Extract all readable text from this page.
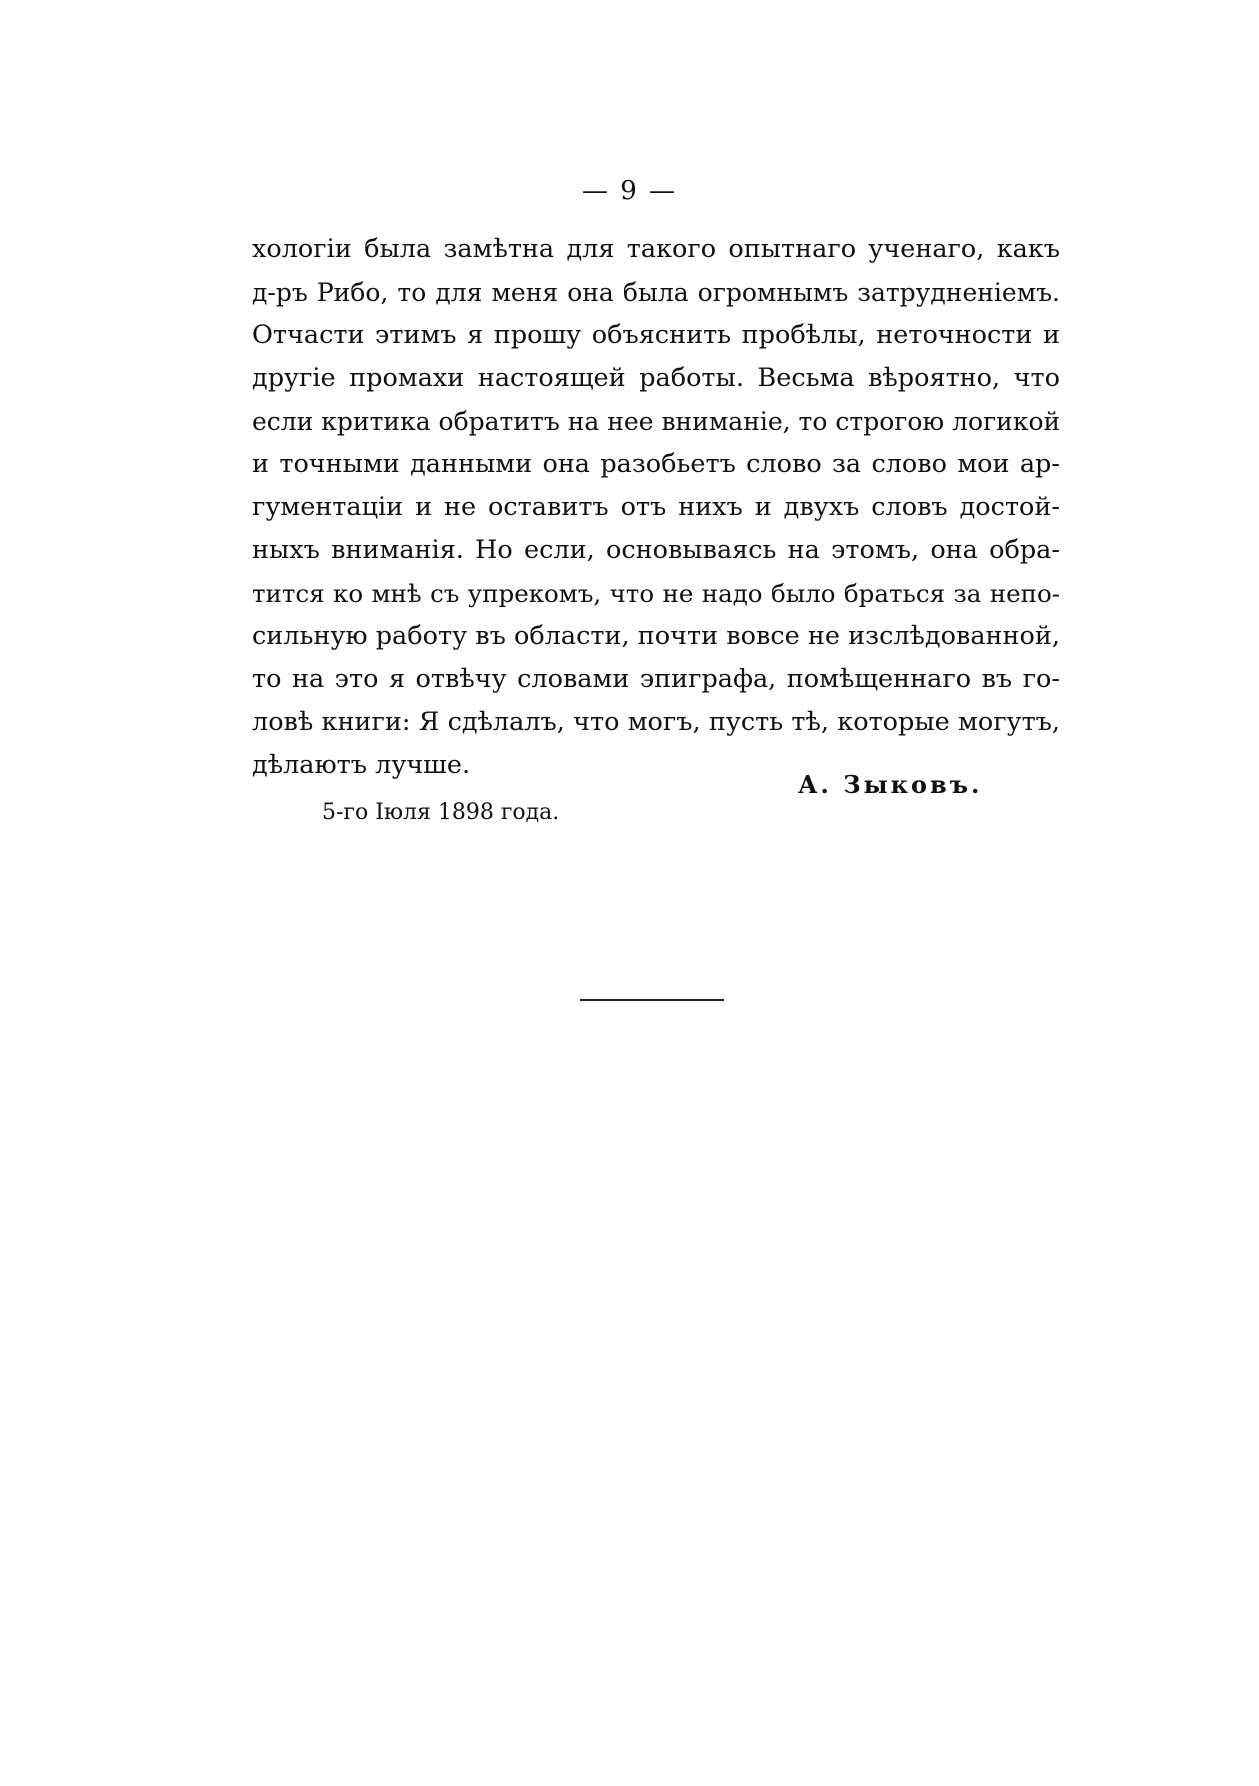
— 9 —
хологіи была замѣтна для такого опытнаго ученаго, какъ
д-ръ Рибо, то для меня она была огромнымъ затрудненіемъ.
Отчасти этимъ я прошу объяснить пробѣлы, неточности и
другіе промахи настоящей работы. Весьма вѣроятно, что
если критика обратитъ на нее вниманіе, то строгою логикой
и точными данными она разобьетъ слово за слово мои ар-
гументаціи и не оставитъ отъ нихъ и двухъ словъ достой-
ныхъ вниманія. Но если, основываясь на этомъ, она обра-
тится ко мнѣ съ упрекомъ, что не надо было браться за непо-
сильную работу въ области, почти вовсе не изслѣдованной,
то на это я отвѣчу словами эпиграфа, помѣщеннаго въ го-
ловѣ книги: Я сдѣлалъ, что могъ, пусть тѣ, которые могутъ,
дѣлаютъ лучше.
А. Зыковъ.
5-го Іюля 1898 года.
